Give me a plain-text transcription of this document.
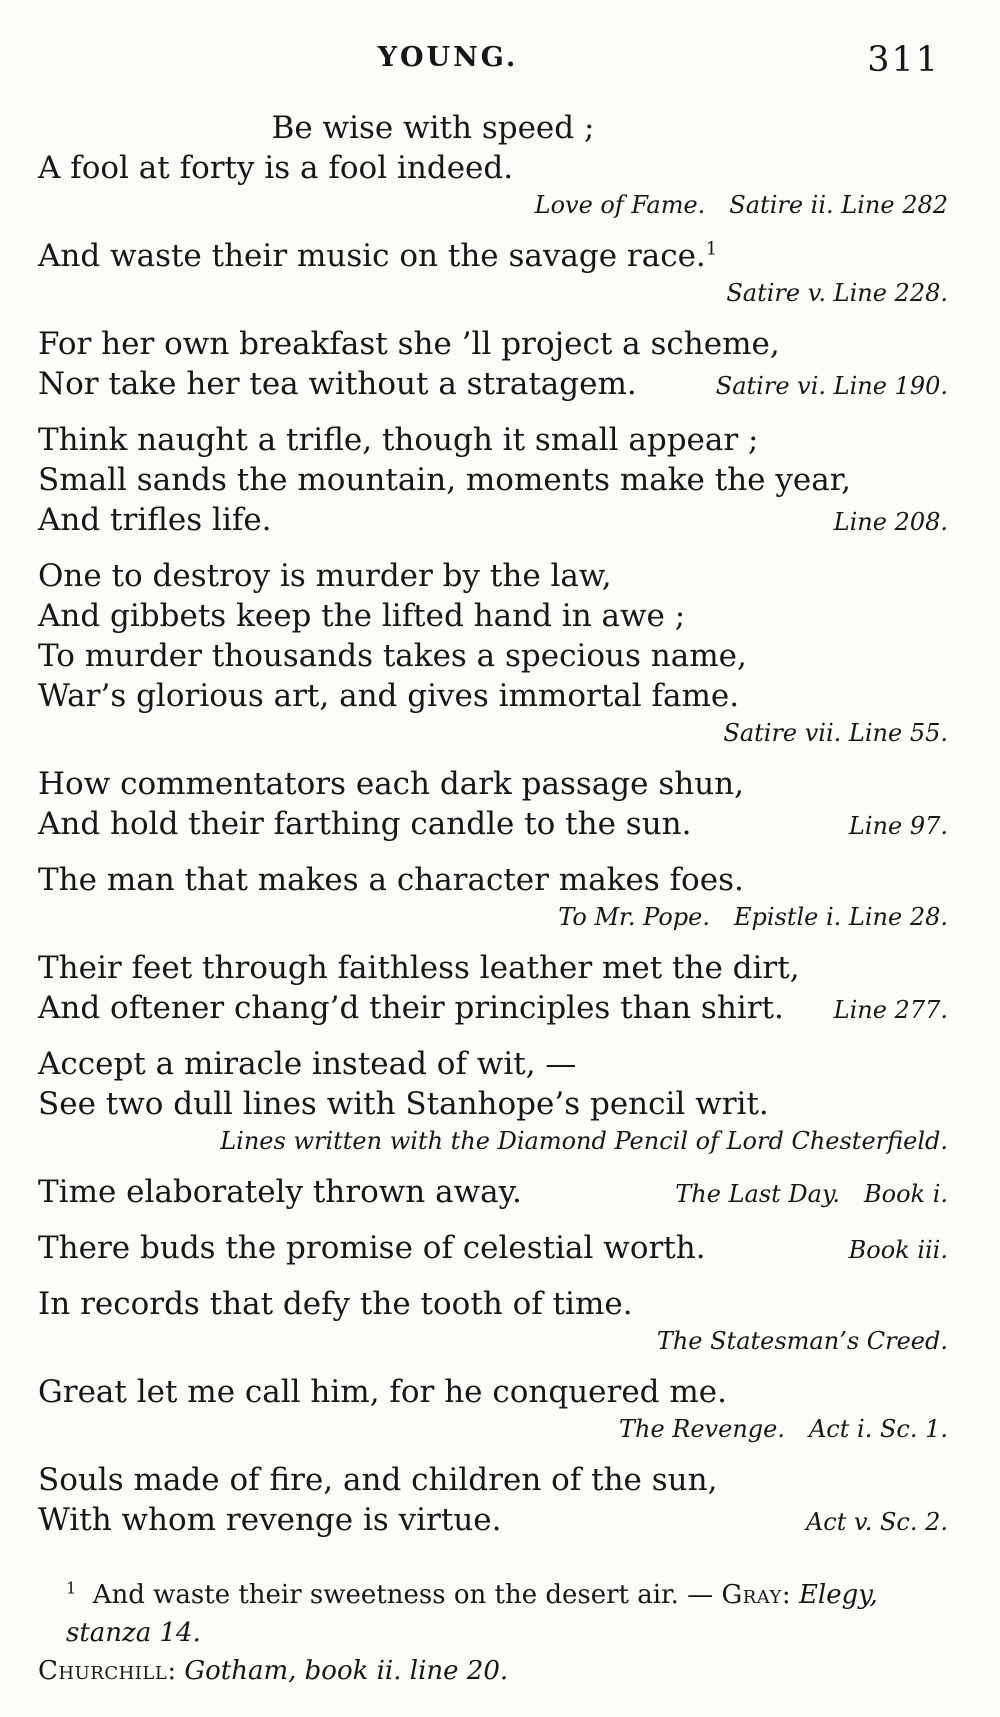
YOUNG.	311
Be wise with speed ;
A fool at forty is a fool indeed.
Love of Fame. Satire ii. Line 282
And waste their music on the savage race.$^1$
Satire v. Line 228.
For her own breakfast she ’ll project a scheme,
Nor take her tea without a stratagem.	Satire vi. Line 190.
Think naught a trifle, though it small appear ;
Small sands the mountain, moments make the year,
And trifles life.	Line 208.
One to destroy is murder by the law,
And gibbets keep the lifted hand in awe ;
To murder thousands takes a specious name,
War’s glorious art, and gives immortal fame.
Satire vii. Line 55.
How commentators each dark passage shun,
And hold their farthing candle to the sun.	Line 97.
The man that makes a character makes foes.
To Mr. Pope. Epistle i. Line 28.
Their feet through faithless leather met the dirt,
And oftener chang’d their principles than shirt. Line 277.
Accept a miracle instead of wit, —
See two dull lines with Stanhope’s pencil writ.
Lines written with the Diamond Pencil of Lord Chesterfield.
Time elaborately thrown away.	The Last Day. Book i.
There buds the promise of celestial worth.	Book iii.
In records that defy the tooth of time.
The Statesman’s Creed.
Great let me call him, for he conquered me.
The Revenge. Act i. Sc. 1.
Souls made of fire, and children of the sun,
With whom revenge is virtue.	Act v. Sc. 2.
$^1$  And waste their sweetness on the desert air. — Gray: Elegy, stanza 14.
Churchill: Gotham, book ii. line 20.
